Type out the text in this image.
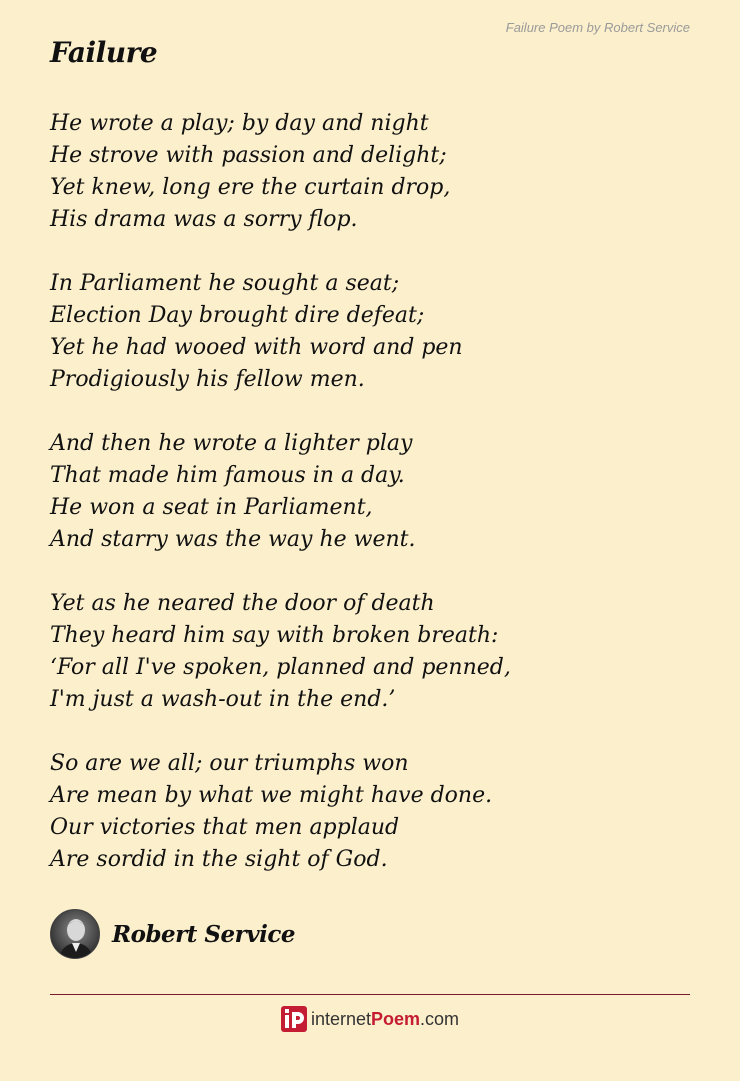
Failure Poem by Robert Service
Failure
He wrote a play; by day and night
He strove with passion and delight;
Yet knew, long ere the curtain drop,
His drama was a sorry flop.
In Parliament he sought a seat;
Election Day brought dire defeat;
Yet he had wooed with word and pen
Prodigiously his fellow men.
And then he wrote a lighter play
That made him famous in a day.
He won a seat in Parliament,
And starry was the way he went.
Yet as he neared the door of death
They heard him say with broken breath:
‘For all I've spoken, planned and penned,
I'm just a wash-out in the end.’
So are we all; our triumphs won
Are mean by what we might have done.
Our victories that men applaud
Are sordid in the sight of God.
Robert Service
internet Poem .com
